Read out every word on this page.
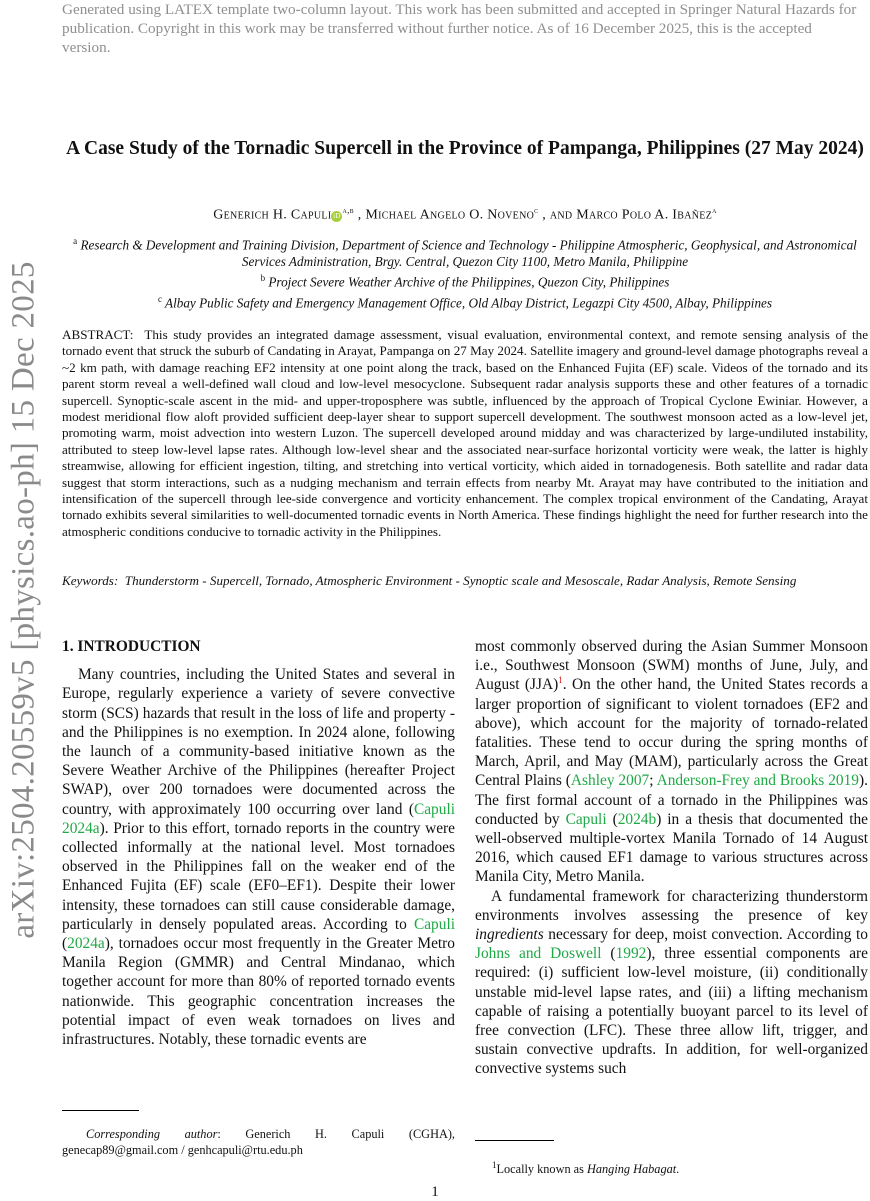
Generated using LATEX template two-column layout. This work has been submitted and accepted in Springer Natural Hazards for publication. Copyright in this work may be transferred without further notice. As of 16 December 2025, this is the accepted version.
arXiv:2504.20559v5 [physics.ao-ph] 15 Dec 2025
A Case Study of the Tornadic Supercell in the Province of Pampanga, Philippines (27 May 2024)
Generich H. Capuli iD$^{a,b}$ , Michael Angelo O. Noveno$^c$ , and Marco Polo A. Ibañez$^a$
$^a$ Research & Development and Training Division, Department of Science and Technology - Philippine Atmospheric, Geophysical, and Astronomical Services Administration, Brgy. Central, Quezon City 1100, Metro Manila, Philippine
$^b$ Project Severe Weather Archive of the Philippines, Quezon City, Philippines
$^c$ Albay Public Safety and Emergency Management Office, Old Albay District, Legazpi City 4500, Albay, Philippines
ABSTRACT: This study provides an integrated damage assessment, visual evaluation, environmental context, and remote sensing analysis of the tornado event that struck the suburb of Candating in Arayat, Pampanga on 27 May 2024. Satellite imagery and ground-level damage photographs reveal a ~2 km path, with damage reaching EF2 intensity at one point along the track, based on the Enhanced Fujita (EF) scale. Videos of the tornado and its parent storm reveal a well-defined wall cloud and low-level mesocyclone. Subsequent radar analysis supports these and other features of a tornadic supercell. Synoptic-scale ascent in the mid- and upper-troposphere was subtle, influenced by the approach of Tropical Cyclone Ewiniar. However, a modest meridional flow aloft provided sufficient deep-layer shear to support supercell development. The southwest monsoon acted as a low-level jet, promoting warm, moist advection into western Luzon. The supercell developed around midday and was characterized by large-undiluted instability, attributed to steep low-level lapse rates. Although low-level shear and the associated near-surface horizontal vorticity were weak, the latter is highly streamwise, allowing for efficient ingestion, tilting, and stretching into vertical vorticity, which aided in tornadogenesis. Both satellite and radar data suggest that storm interactions, such as a nudging mechanism and terrain effects from nearby Mt. Arayat may have contributed to the initiation and intensification of the supercell through lee-side convergence and vorticity enhancement. The complex tropical environment of the Candating, Arayat tornado exhibits several similarities to well-documented tornadic events in North America. These findings highlight the need for further research into the atmospheric conditions conducive to tornadic activity in the Philippines.
Keywords: Thunderstorm - Supercell, Tornado, Atmospheric Environment - Synoptic scale and Mesoscale, Radar Analysis, Remote Sensing
1. INTRODUCTION

Many countries, including the United States and several in Europe, regularly experience a variety of severe convective storm (SCS) hazards that result in the loss of life and property - and the Philippines is no exemption. In 2024 alone, following the launch of a community-based initiative known as the Severe Weather Archive of the Philippines (hereafter Project SWAP), over 200 tornadoes were documented across the country, with approximately 100 occurring over land (Capuli 2024a). Prior to this effort, tornado reports in the country were collected informally at the national level. Most tornadoes observed in the Philippines fall on the weaker end of the Enhanced Fujita (EF) scale (EF0–EF1). Despite their lower intensity, these tornadoes can still cause considerable damage, particularly in densely populated areas. According to Capuli (2024a), tornadoes occur most frequently in the Greater Metro Manila Region (GMMR) and Central Mindanao, which together account for more than 80% of reported tornado events nationwide. This geographic concentration increases the potential impact of even weak tornadoes on lives and infrastructures. Notably, these tornadic events are

most commonly observed during the Asian Summer Monsoon i.e., Southwest Monsoon (SWM) months of June, July, and August (JJA)$^1$. On the other hand, the United States records a larger proportion of significant to violent tornadoes (EF2 and above), which account for the majority of tornado-related fatalities. These tend to occur during the spring months of March, April, and May (MAM), particularly across the Great Central Plains (Ashley 2007; Anderson-Frey and Brooks 2019). The first formal account of a tornado in the Philippines was conducted by Capuli (2024b) in a thesis that documented the well-observed multiple-vortex Manila Tornado of 14 August 2016, which caused EF1 damage to various structures across Manila City, Metro Manila.

A fundamental framework for characterizing thunderstorm environments involves assessing the presence of key ingredients necessary for deep, moist convection. According to Johns and Doswell (1992), three essential components are required: (i) sufficient low-level moisture, (ii) conditionally unstable mid-level lapse rates, and (iii) a lifting mechanism capable of raising a potentially buoyant parcel to its level of free convection (LFC). These three allow lift, trigger, and sustain convective updrafts. In addition, for well-organized convective systems such

Corresponding author: Generich H. Capuli (CGHA), genecap89@gmail.com / genhcapuli@rtu.edu.ph
$^1$Locally known as Hanging Habagat.
1
